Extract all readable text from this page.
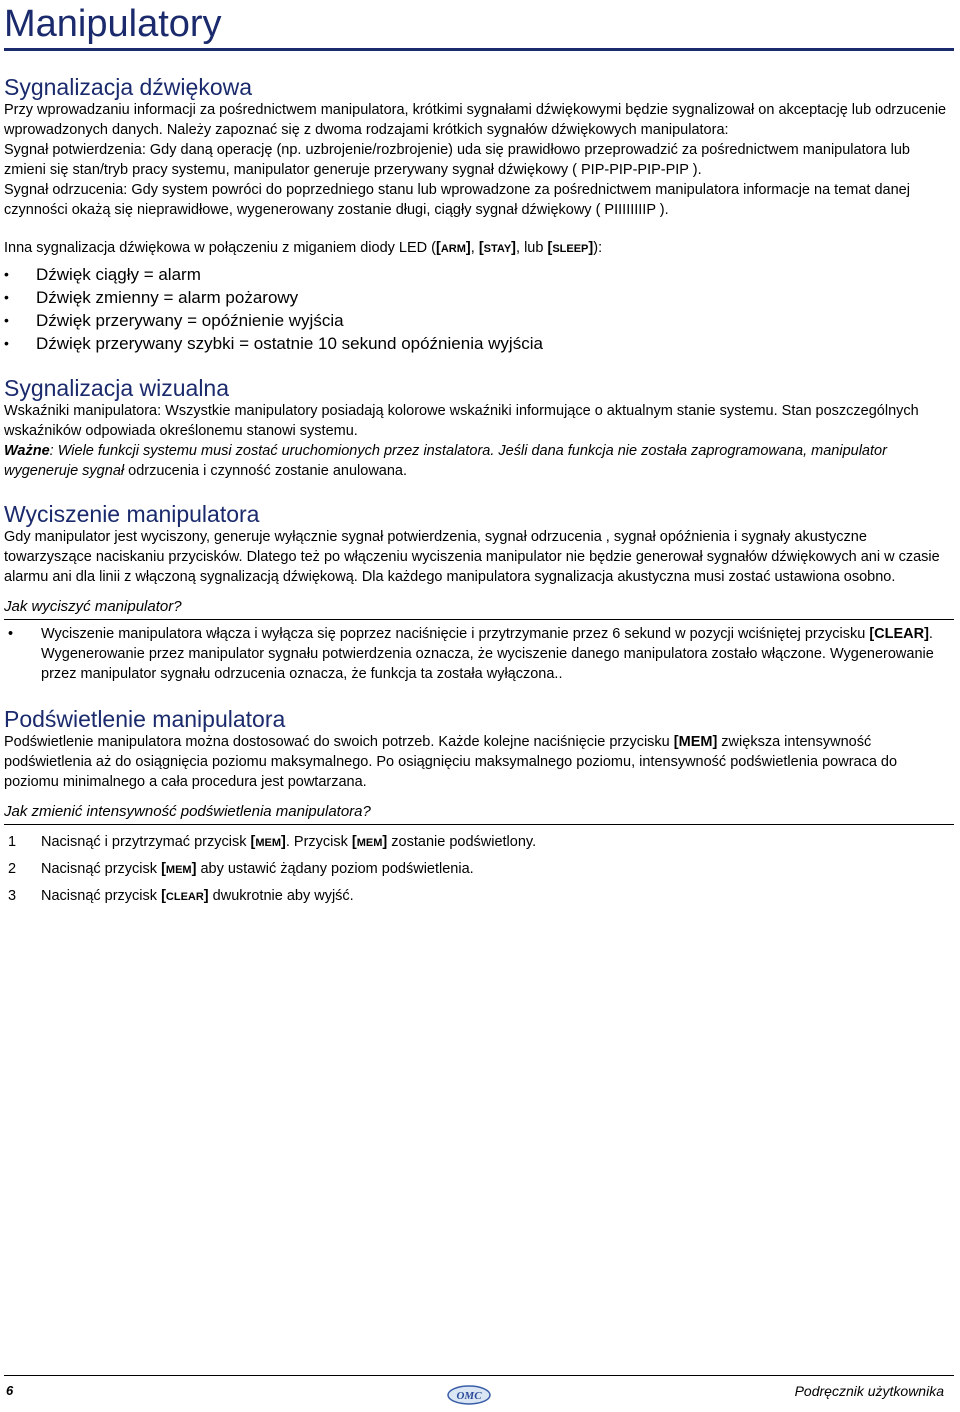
Manipulatory
Sygnalizacja dźwiękowa

Przy wprowadzaniu informacji za pośrednictwem manipulatora, krótkimi sygnałami dźwiękowymi będzie sygnalizował on akceptację lub odrzucenie wprowadzonych danych. Należy zapoznać się z dwoma rodzajami krótkich sygnałów dźwiękowych manipulatora:

Sygnał potwierdzenia: Gdy daną operację (np. uzbrojenie/rozbrojenie) uda się prawidłowo przeprowadzić za pośrednictwem manipulatora lub zmieni się stan/tryb pracy systemu, manipulator generuje przerywany sygnał dźwiękowy ( PIP-PIP-PIP-PIP ).

Sygnał odrzucenia: Gdy system powróci do poprzedniego stanu lub wprowadzone za pośrednictwem manipulatora informacje na temat danej czynności okażą się nieprawidłowe, wygenerowany zostanie długi, ciągły sygnał dźwiękowy ( PIIIIIIIIP ).

Inna sygnalizacja dźwiękowa w połączeniu z miganiem diody LED ([ARM], [STAY], lub [SLEEP]):

• Dźwięk ciągły = alarm
• Dźwięk zmienny = alarm pożarowy
• Dźwięk przerywany = opóźnienie wyjścia
• Dźwięk przerywany szybki = ostatnie 10 sekund opóźnienia wyjścia
Sygnalizacja wizualna

Wskaźniki manipulatora: Wszystkie manipulatory posiadają kolorowe wskaźniki informujące o aktualnym stanie systemu. Stan poszczególnych wskaźników odpowiada określonemu stanowi systemu.

Ważne: Wiele funkcji systemu musi zostać uruchomionych przez instalatora. Jeśli dana funkcja nie została zaprogramowana, manipulator wygeneruje sygnał odrzucenia i czynność zostanie anulowana.

Wyciszenie manipulatora

Gdy manipulator jest wyciszony, generuje wyłącznie sygnał potwierdzenia, sygnał odrzucenia , sygnał opóźnienia i sygnały akustyczne towarzyszące naciskaniu przycisków. Dlatego też po włączeniu wyciszenia manipulator nie będzie generował sygnałów dźwiękowych ani w czasie alarmu ani dla linii z włączoną sygnalizacją dźwiękową. Dla każdego manipulatora sygnalizacja akustyczna musi zostać ustawiona osobno.

Jak wyciszyć manipulator?

• Wyciszenie manipulatora włącza i wyłącza się poprzez naciśnięcie i przytrzymanie przez 6 sekund w pozycji wciśniętej przycisku [CLEAR]. Wygenerowanie przez manipulator sygnału potwierdzenia oznacza, że wyciszenie danego manipulatora zostało włączone. Wygenerowanie przez manipulator sygnału odrzucenia oznacza, że funkcja ta została wyłączona..
Podświetlenie manipulatora

Podświetlenie manipulatora można dostosować do swoich potrzeb. Każde kolejne naciśnięcie przycisku [MEM] zwiększa intensywność podświetlenia aż do osiągnięcia poziomu maksymalnego. Po osiągnięciu maksymalnego poziomu, intensywność podświetlenia powraca do poziomu minimalnego a cała procedura jest powtarzana.

Jak zmienić intensywność podświetlenia manipulatora?

1 Nacisnąć i przytrzymać przycisk [MEM]. Przycisk [MEM] zostanie podświetlony.
2 Nacisnąć przycisk [MEM] aby ustawić żądany poziom podświetlenia.
3 Nacisnąć przycisk [CLEAR] dwukrotnie aby wyjść.
6	OMC	Podręcznik użytkownika
